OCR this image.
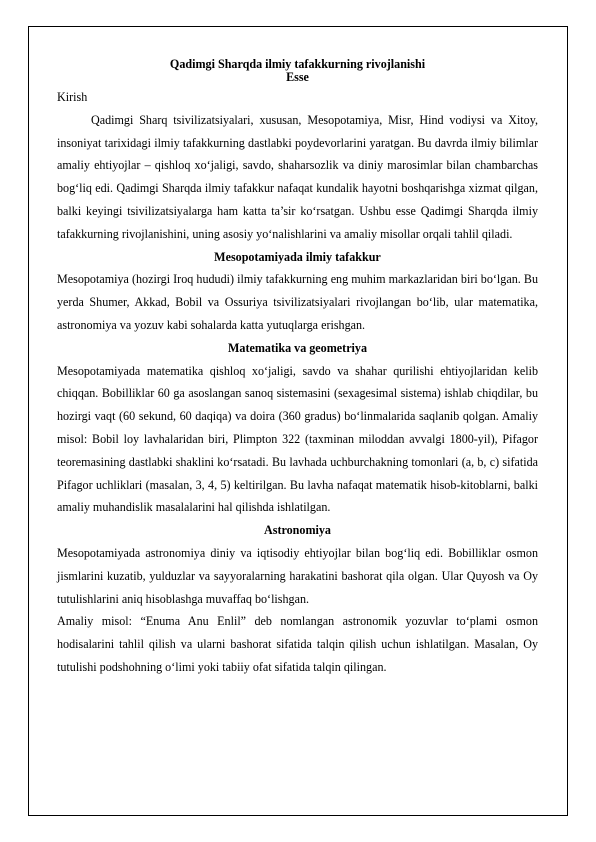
Qadimgi Sharqda ilmiy tafakkurning rivojlanishi
Esse

Kirish

Qadimgi Sharq tsivilizatsiyalari, xususan, Mesopotamiya, Misr, Hind vodiysi va Xitoy, insoniyat tarixidagi ilmiy tafakkurning dastlabki poydevorlarini yaratgan. Bu davrda ilmiy bilimlar amaliy ehtiyojlar – qishloq xo‘jaligi, savdo, shaharsozlik va diniy marosimlar bilan chambarchas bog‘liq edi. Qadimgi Sharqda ilmiy tafakkur nafaqat kundalik hayotni boshqarishga xizmat qilgan, balki keyingi tsivilizatsiyalarga ham katta ta’sir ko‘rsatgan. Ushbu esse Qadimgi Sharqda ilmiy tafakkurning rivojlanishini, uning asosiy yo‘nalishlarini va amaliy misollar orqali tahlil qiladi.

Mesopotamiyada ilmiy tafakkur

Mesopotamiya (hozirgi Iroq hududi) ilmiy tafakkurning eng muhim markazlaridan biri bo‘lgan. Bu yerda Shumer, Akkad, Bobil va Ossuriya tsivilizatsiyalari rivojlangan bo‘lib, ular matematika, astronomiya va yozuv kabi sohalarda katta yutuqlarga erishgan.

Matematika va geometriya

Mesopotamiyada matematika qishloq xo‘jaligi, savdo va shahar qurilishi ehtiyojlaridan kelib chiqqan. Bobilliklar 60 ga asoslangan sanoq sistemasini (sexagesimal sistema) ishlab chiqdilar, bu hozirgi vaqt (60 sekund, 60 daqiqa) va doira (360 gradus) bo‘linmalarida saqlanib qolgan. Amaliy misol: Bobil loy lavhalaridan biri, Plimpton 322 (taxminan miloddan avvalgi 1800-yil), Pifagor teoremasining dastlabki shaklini ko‘rsatadi. Bu lavhada uchburchakning tomonlari (a, b, c) sifatida Pifagor uchliklari (masalan, 3, 4, 5) keltirilgan. Bu lavha nafaqat matematik hisob-kitoblarni, balki amaliy muhandislik masalalarini hal qilishda ishlatilgan.

Astronomiya

Mesopotamiyada astronomiya diniy va iqtisodiy ehtiyojlar bilan bog‘liq edi. Bobilliklar osmon jismlarini kuzatib, yulduzlar va sayyoralarning harakatini bashorat qila olgan. Ular Quyosh va Oy tutulishlarini aniq hisoblashga muvaffaq bo‘lishgan.

Amaliy misol: “Enuma Anu Enlil” deb nomlangan astronomik yozuvlar to‘plami osmon hodisalarini tahlil qilish va ularni bashorat sifatida talqin qilish uchun ishlatilgan. Masalan, Oy tutulishi podshohning o‘limi yoki tabiiy ofat sifatida talqin qilingan.
